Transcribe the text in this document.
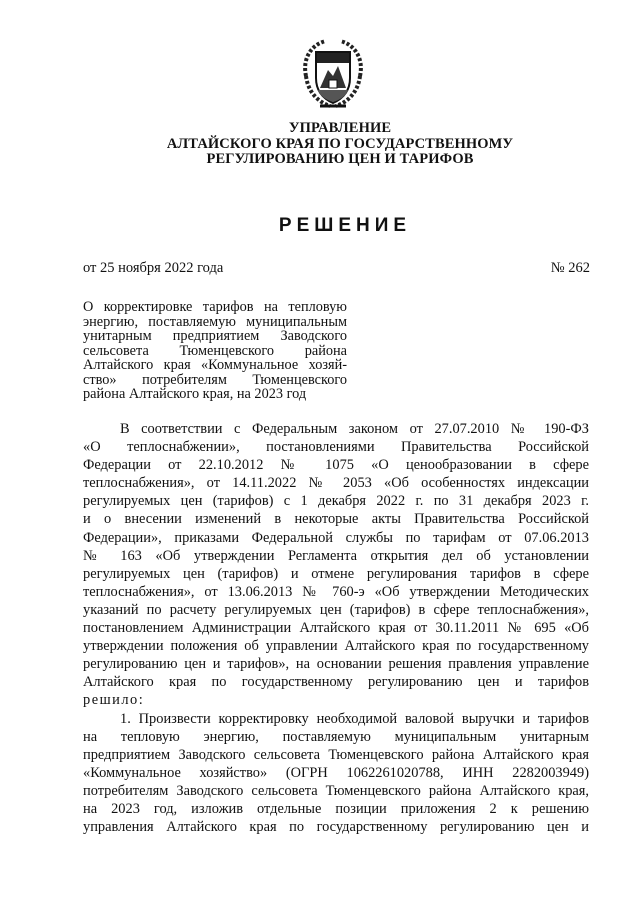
УПРАВЛЕНИЕ
АЛТАЙСКОГО КРАЯ ПО ГОСУДАРСТВЕННОМУ
РЕГУЛИРОВАНИЮ ЦЕН И ТАРИФОВ
РЕШЕНИЕ
от 25 ноября 2022 года	№ 262
О корректировке тарифов на тепловую
энергию, поставляемую муниципальным
унитарным предприятием Заводского
сельсовета Тюменцевского района
Алтайского края «Коммунальное хозяй-
ство» потребителям Тюменцевского
района Алтайского края, на 2023 год
В соответствии с Федеральным законом от 27.07.2010 № 190-ФЗ
«О теплоснабжении», постановлениями Правительства Российской
Федерации от 22.10.2012 № 1075 «О ценообразовании в сфере
теплоснабжения», от 14.11.2022 № 2053 «Об особенностях индексации
регулируемых цен (тарифов) с 1 декабря 2022 г. по 31 декабря 2023 г.
и о внесении изменений в некоторые акты Правительства Российской
Федерации», приказами Федеральной службы по тарифам от 07.06.2013
№ 163 «Об утверждении Регламента открытия дел об установлении
регулируемых цен (тарифов) и отмене регулирования тарифов в сфере
теплоснабжения», от 13.06.2013 № 760-э «Об утверждении Методических
указаний по расчету регулируемых цен (тарифов) в сфере теплоснабжения»,
постановлением Администрации Алтайского края от 30.11.2011 № 695 «Об
утверждении положения об управлении Алтайского края по государственному
регулированию цен и тарифов», на основании решения правления управление
Алтайского края по государственному регулированию цен и тарифов
решило:
1. Произвести корректировку необходимой валовой выручки и тарифов
на тепловую энергию, поставляемую муниципальным унитарным
предприятием Заводского сельсовета Тюменцевского района Алтайского края
«Коммунальное хозяйство» (ОГРН 1062261020788, ИНН 2282003949)
потребителям Заводского сельсовета Тюменцевского района Алтайского края,
на 2023 год, изложив отдельные позиции приложения 2 к решению
управления Алтайского края по государственному регулированию цен и
